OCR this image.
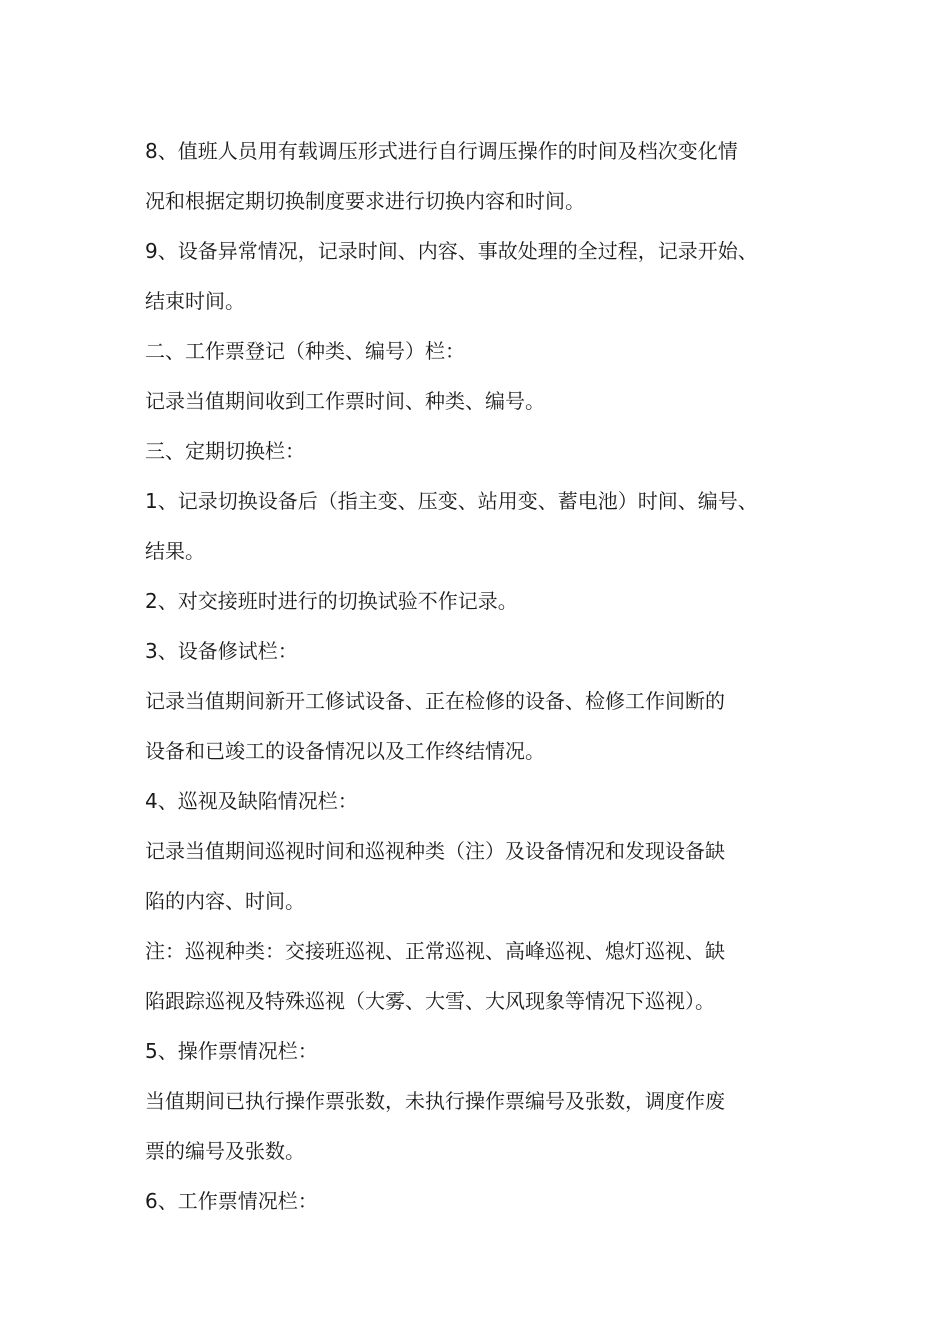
8、值班人员用有载调压形式进行自行调压操作的时间及档次变化情
况和根据定期切换制度要求进行切换内容和时间。
9、设备异常情况，记录时间、内容、事故处理的全过程，记录开始、
结束时间。
二、工作票登记（种类、编号）栏：
记录当值期间收到工作票时间、种类、编号。
三、定期切换栏：
1、记录切换设备后（指主变、压变、站用变、蓄电池）时间、编号、
结果。
2、对交接班时进行的切换试验不作记录。
3、设备修试栏：
记录当值期间新开工修试设备、正在检修的设备、检修工作间断的
设备和已竣工的设备情况以及工作终结情况。
4、巡视及缺陷情况栏：
记录当值期间巡视时间和巡视种类（注）及设备情况和发现设备缺
陷的内容、时间。
注：巡视种类：交接班巡视、正常巡视、高峰巡视、熄灯巡视、缺
陷跟踪巡视及特殊巡视（大雾、大雪、大风现象等情况下巡视）。
5、操作票情况栏：
当值期间已执行操作票张数，未执行操作票编号及张数，调度作废
票的编号及张数。
6、工作票情况栏：
